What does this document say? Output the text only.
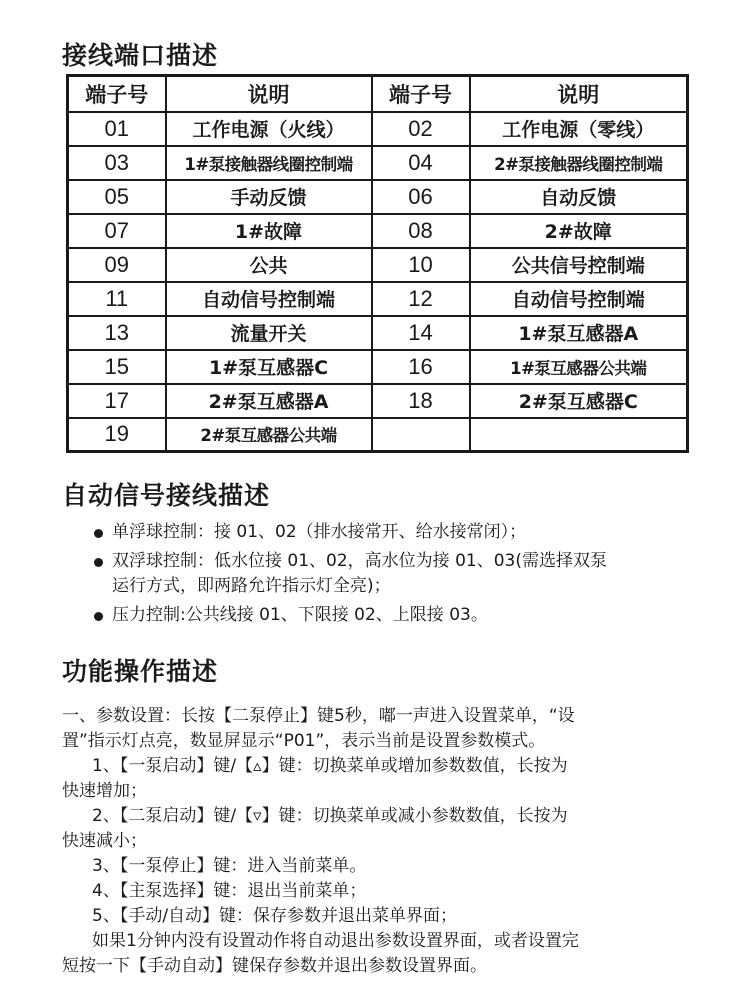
接线端口描述
端子号	说明	端子号	说明
01	工作电源（火线）	02	工作电源（零线）
03	1#泵接触器线圈控制端	04	2#泵接触器线圈控制端
05	手动反馈	06	自动反馈
07	1#故障	08	2#故障
09	公共	10	公共信号控制端
11	自动信号控制端	12	自动信号控制端
13	流量开关	14	1#泵互感器A
15	1#泵互感器C	16	1#泵互感器公共端
17	2#泵互感器A	18	2#泵互感器C
19	2#泵互感器公共端		
自动信号接线描述
单浮球控制：接 01、02（排水接常开、给水接常闭）；
双浮球控制：低水位接 01、02，高水位为接 01、03(需选择双泵
运行方式，即两路允许指示灯全亮)；
压力控制:公共线接 01、下限接 02、上限接 03。
功能操作描述
一、参数设置：长按【二泵停止】键5秒，嘟一声进入设置菜单，“设
置”指示灯点亮，数显屏显示“P01”，表示当前是设置参数模式。
1、【一泵启动】键/【▵】键：切换菜单或增加参数数值，长按为
快速增加；
2、【二泵启动】键/【▿】键：切换菜单或减小参数数值，长按为
快速减小；
3、【一泵停止】键：进入当前菜单。
4、【主泵选择】键：退出当前菜单；
5、【手动/自动】键：保存参数并退出菜单界面；
如果1分钟内没有设置动作将自动退出参数设置界面，或者设置完
短按一下【手动自动】键保存参数并退出参数设置界面。
